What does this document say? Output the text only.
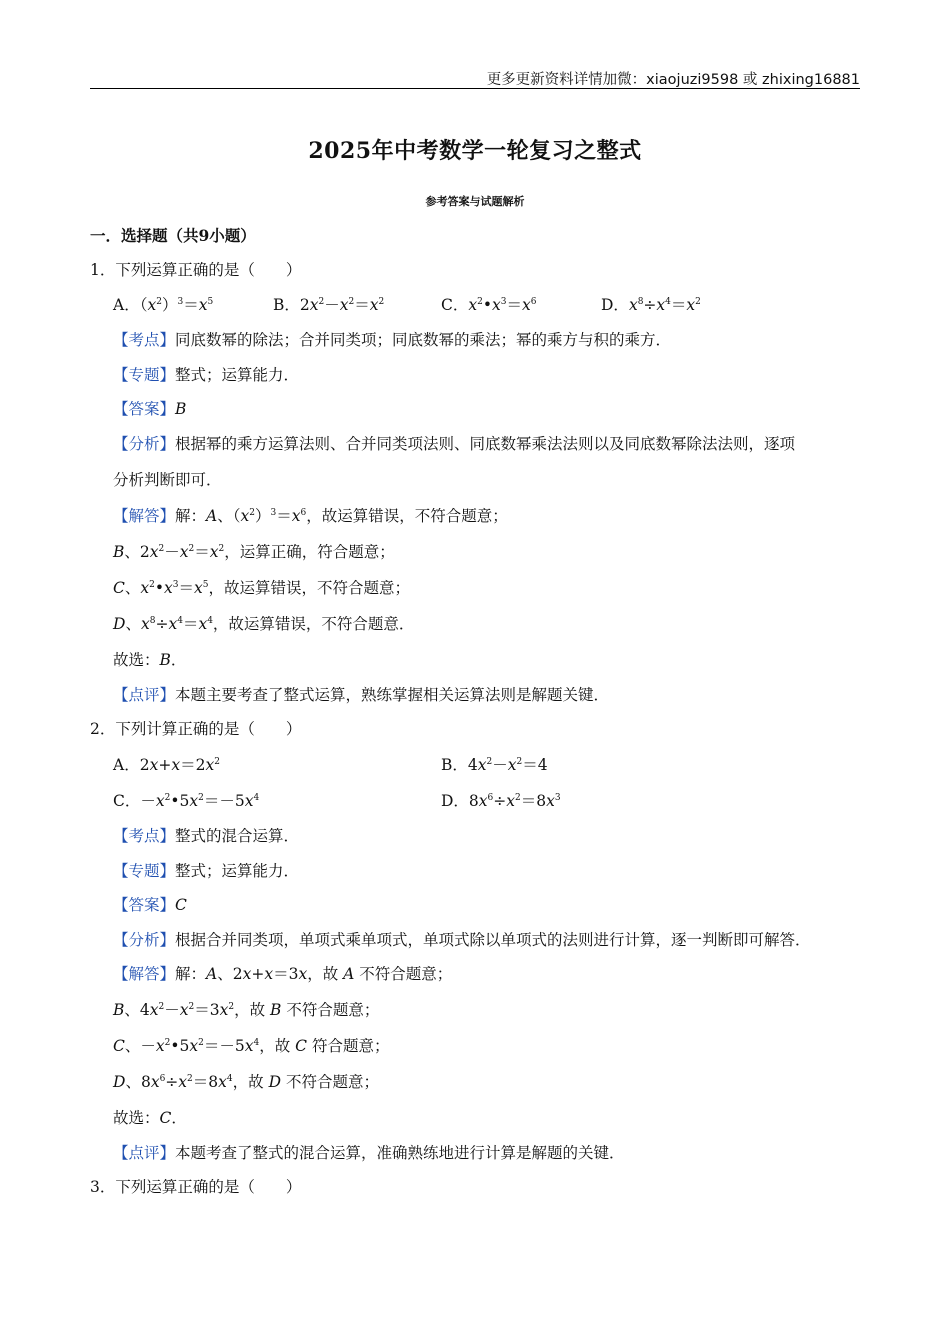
更多更新资料详情加微：xiaojuzi9598 或 zhixing16881
2025年中考数学一轮复习之整式
参考答案与试题解析
一．选择题（共9小题）
1．下列运算正确的是（　　）
A．$(x^2)^3=x^5$	B．$2x^2-x^2=x^2$	C．$x^2•x^3=x^6$	D．$x^8\div x^4=x^2$
【考点】同底数幂的除法；合并同类项；同底数幂的乘法；幂的乘方与积的乘方．
【专题】整式；运算能力．
【答案】B
【分析】根据幂的乘方运算法则、合并同类项法则、同底数幂乘法法则以及同底数幂除法法则，逐项
分析判断即可．
【解答】解：A、$(x^2)^3=x^6$，故运算错误，不符合题意；
B、$2x^2-x^2=x^2$，运算正确，符合题意；
C、$x^2•x^3=x^5$，故运算错误，不符合题意；
D、$x^8\div x^4=x^4$，故运算错误，不符合题意．
故选：B．
【点评】本题主要考查了整式运算，熟练掌握相关运算法则是解题关键．
2．下列计算正确的是（　　）
A．$2x+x=2x^2$	B．$4x^2-x^2=4$
C．$-x^2•5x^2=-5x^4$	D．$8x^6\div x^2=8x^3$
【考点】整式的混合运算．
【专题】整式；运算能力．
【答案】C
【分析】根据合并同类项，单项式乘单项式，单项式除以单项式的法则进行计算，逐一判断即可解答．
【解答】解：A、2x+x＝3x，故 A 不符合题意；
B、$4x^2-x^2=3x^2$，故 B 不符合题意；
C、$-x^2•5x^2=-5x^4$，故 C 符合题意；
D、$8x^6\div x^2=8x^4$，故 D 不符合题意；
故选：C．
【点评】本题考查了整式的混合运算，准确熟练地进行计算是解题的关键．
3．下列运算正确的是（　　）
